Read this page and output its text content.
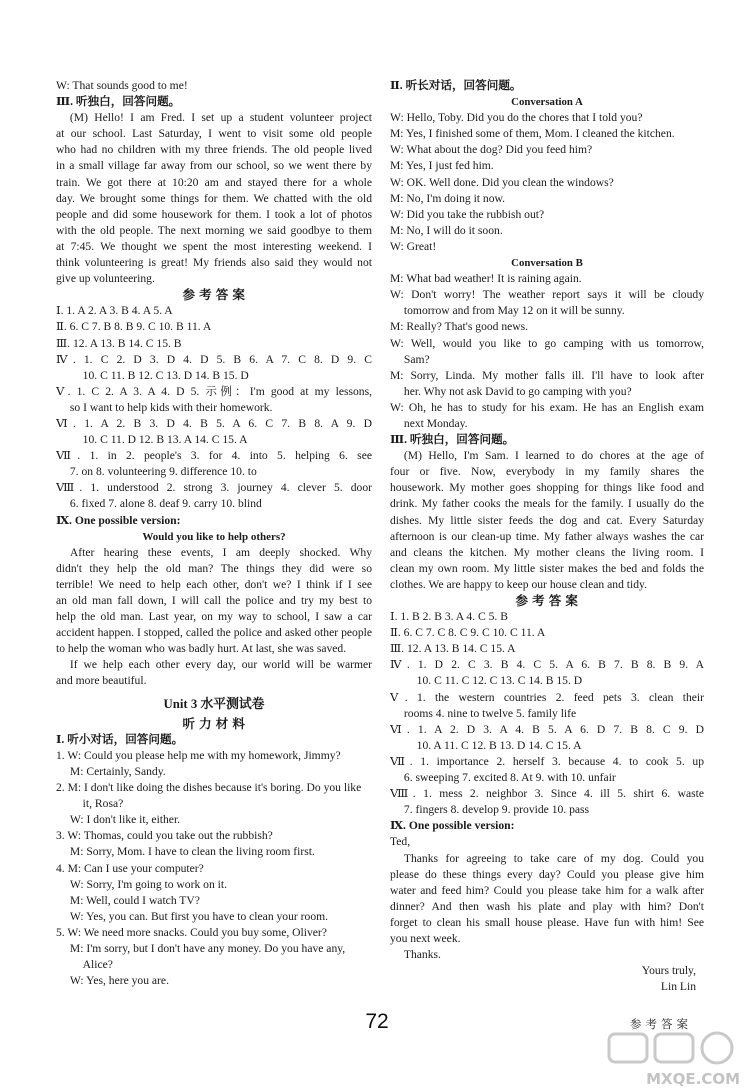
W: That sounds good to me!
Ⅲ. 听独白，回答问题。
(M) Hello! I am Fred. I set up a student volunteer project
at our school. Last Saturday, I went to visit some old people
who had no children with my three friends. The old people lived
in a small village far away from our school, so we went there by
train. We got there at 10:20 am and stayed there for a whole
day. We brought some things for them. We chatted with the old
people and did some housework for them. I took a lot of photos
with the old people. The next morning we said goodbye to them
at 7:45. We thought we spent the most interesting weekend. I
think volunteering is great! My friends also said they would not
give up volunteering.
参 考 答 案
Ⅰ. 1. A 2. A 3. B 4. A 5. A
Ⅱ. 6. C 7. B 8. B 9. C 10. B 11. A
Ⅲ. 12. A 13. B 14. C 15. B
Ⅳ. 1. C 2. D 3. D 4. D 5. B 6. A 7. C 8. D 9. C
10. C 11. B 12. C 13. D 14. B 15. D
Ⅴ. 1. C 2. A 3. A 4. D 5. 示例：I'm good at my lessons,
so I want to help kids with their homework.
Ⅵ. 1. A 2. B 3. D 4. B 5. A 6. C 7. B 8. A 9. D
10. C 11. D 12. B 13. A 14. C 15. A
Ⅶ. 1. in 2. people's 3. for 4. into 5. helping 6. see
7. on 8. volunteering 9. difference 10. to
Ⅷ. 1. understood 2. strong 3. journey 4. clever 5. door
6. fixed 7. alone 8. deaf 9. carry 10. blind
Ⅸ. One possible version:
Would you like to help others?
After hearing these events, I am deeply shocked. Why
didn't they help the old man? The things they did were so
terrible! We need to help each other, don't we? I think if I see
an old man fall down, I will call the police and try my best to
help the old man. Last year, on my way to school, I saw a car
accident happen. I stopped, called the police and asked other people
to help the woman who was badly hurt. At last, she was saved.
If we help each other every day, our world will be warmer
and more beautiful.
Unit 3 水平测试卷
听 力 材 料
Ⅰ. 听小对话，回答问题。
1. W: Could you please help me with my homework, Jimmy?
M: Certainly, Sandy.
2. M: I don't like doing the dishes because it's boring. Do you like
it, Rosa?
W: I don't like it, either.
3. W: Thomas, could you take out the rubbish?
M: Sorry, Mom. I have to clean the living room first.
4. M: Can I use your computer?
W: Sorry, I'm going to work on it.
M: Well, could I watch TV?
W: Yes, you can. But first you have to clean your room.
5. W: We need more snacks. Could you buy some, Oliver?
M: I'm sorry, but I don't have any money. Do you have any,
Alice?
W: Yes, here you are.
Ⅱ. 听长对话，回答问题。
Conversation A
W: Hello, Toby. Did you do the chores that I told you?
M: Yes, I finished some of them, Mom. I cleaned the kitchen.
W: What about the dog? Did you feed him?
M: Yes, I just fed him.
W: OK. Well done. Did you clean the windows?
M: No, I'm doing it now.
W: Did you take the rubbish out?
M: No, I will do it soon.
W: Great!
Conversation B
M: What bad weather! It is raining again.
W: Don't worry! The weather report says it will be cloudy
tomorrow and from May 12 on it will be sunny.
M: Really? That's good news.
W: Well, would you like to go camping with us tomorrow,
Sam?
M: Sorry, Linda. My mother falls ill. I'll have to look after
her. Why not ask David to go camping with you?
W: Oh, he has to study for his exam. He has an English exam
next Monday.
Ⅲ. 听独白，回答问题。
(M) Hello, I'm Sam. I learned to do chores at the age of
four or five. Now, everybody in my family shares the
housework. My mother goes shopping for things like food and
drink. My father cooks the meals for the family. I usually do the
dishes. My little sister feeds the dog and cat. Every Saturday
afternoon is our clean-up time. My father always washes the car
and cleans the kitchen. My mother cleans the living room. I
clean my own room. My little sister makes the bed and folds the
clothes. We are happy to keep our house clean and tidy.
参 考 答 案
Ⅰ. 1. B 2. B 3. A 4. C 5. B
Ⅱ. 6. C 7. C 8. C 9. C 10. C 11. A
Ⅲ. 12. A 13. B 14. C 15. A
Ⅳ. 1. D 2. C 3. B 4. C 5. A 6. B 7. B 8. B 9. A
10. C 11. C 12. C 13. C 14. B 15. D
Ⅴ. 1. the western countries 2. feed pets 3. clean their
rooms 4. nine to twelve 5. family life
Ⅵ. 1. A 2. D 3. A 4. B 5. A 6. D 7. B 8. C 9. D
10. A 11. C 12. B 13. D 14. C 15. A
Ⅶ. 1. importance 2. herself 3. because 4. to cook 5. up
6. sweeping 7. excited 8. At 9. with 10. unfair
Ⅷ. 1. mess 2. neighbor 3. Since 4. ill 5. shirt 6. waste
7. fingers 8. develop 9. provide 10. pass
Ⅸ. One possible version:
Ted,
Thanks for agreeing to take care of my dog. Could you
please do these things every day? Could you please give him
water and feed him? Could you please take him for a walk after
dinner? And then wash his plate and play with him? Don't
forget to clean his small house please. Have fun with him! See
you next week.
Thanks.
Yours truly,
Lin Lin
72	参考答案
MXQE.COM
